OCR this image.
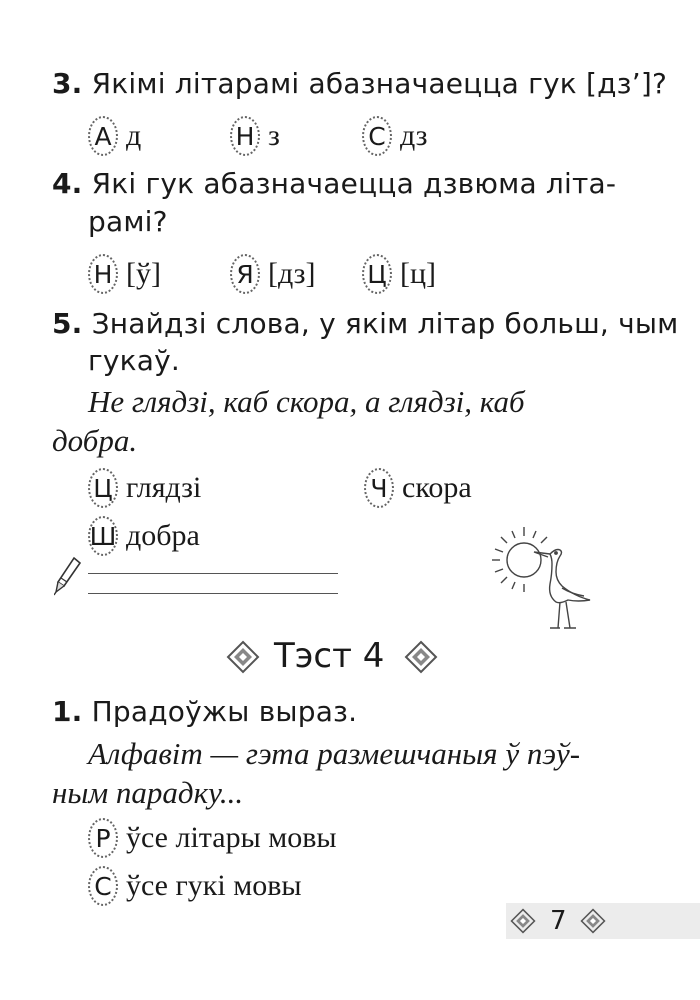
3. Якімі літарамі абазначаецца гук [дз’]?
А д	Н з	С дз
4. Які гук абазначаецца дзвюма літа-
рамі?
Н [ў]	Я [дз] Ц [ц]
5. Знайдзі слова, у якім літар больш, чым
гукаў.
Не глядзі, каб скора, а глядзі, каб
добра.
Ц глядзі	Ч скора
Ш добра
Тэст 4
1. Прадоўжы выраз.
Алфавіт — гэта размешчаныя ў пэў-
ным парадку...
Р ўсе літары мовы
С ўсе гукі мовы
7
